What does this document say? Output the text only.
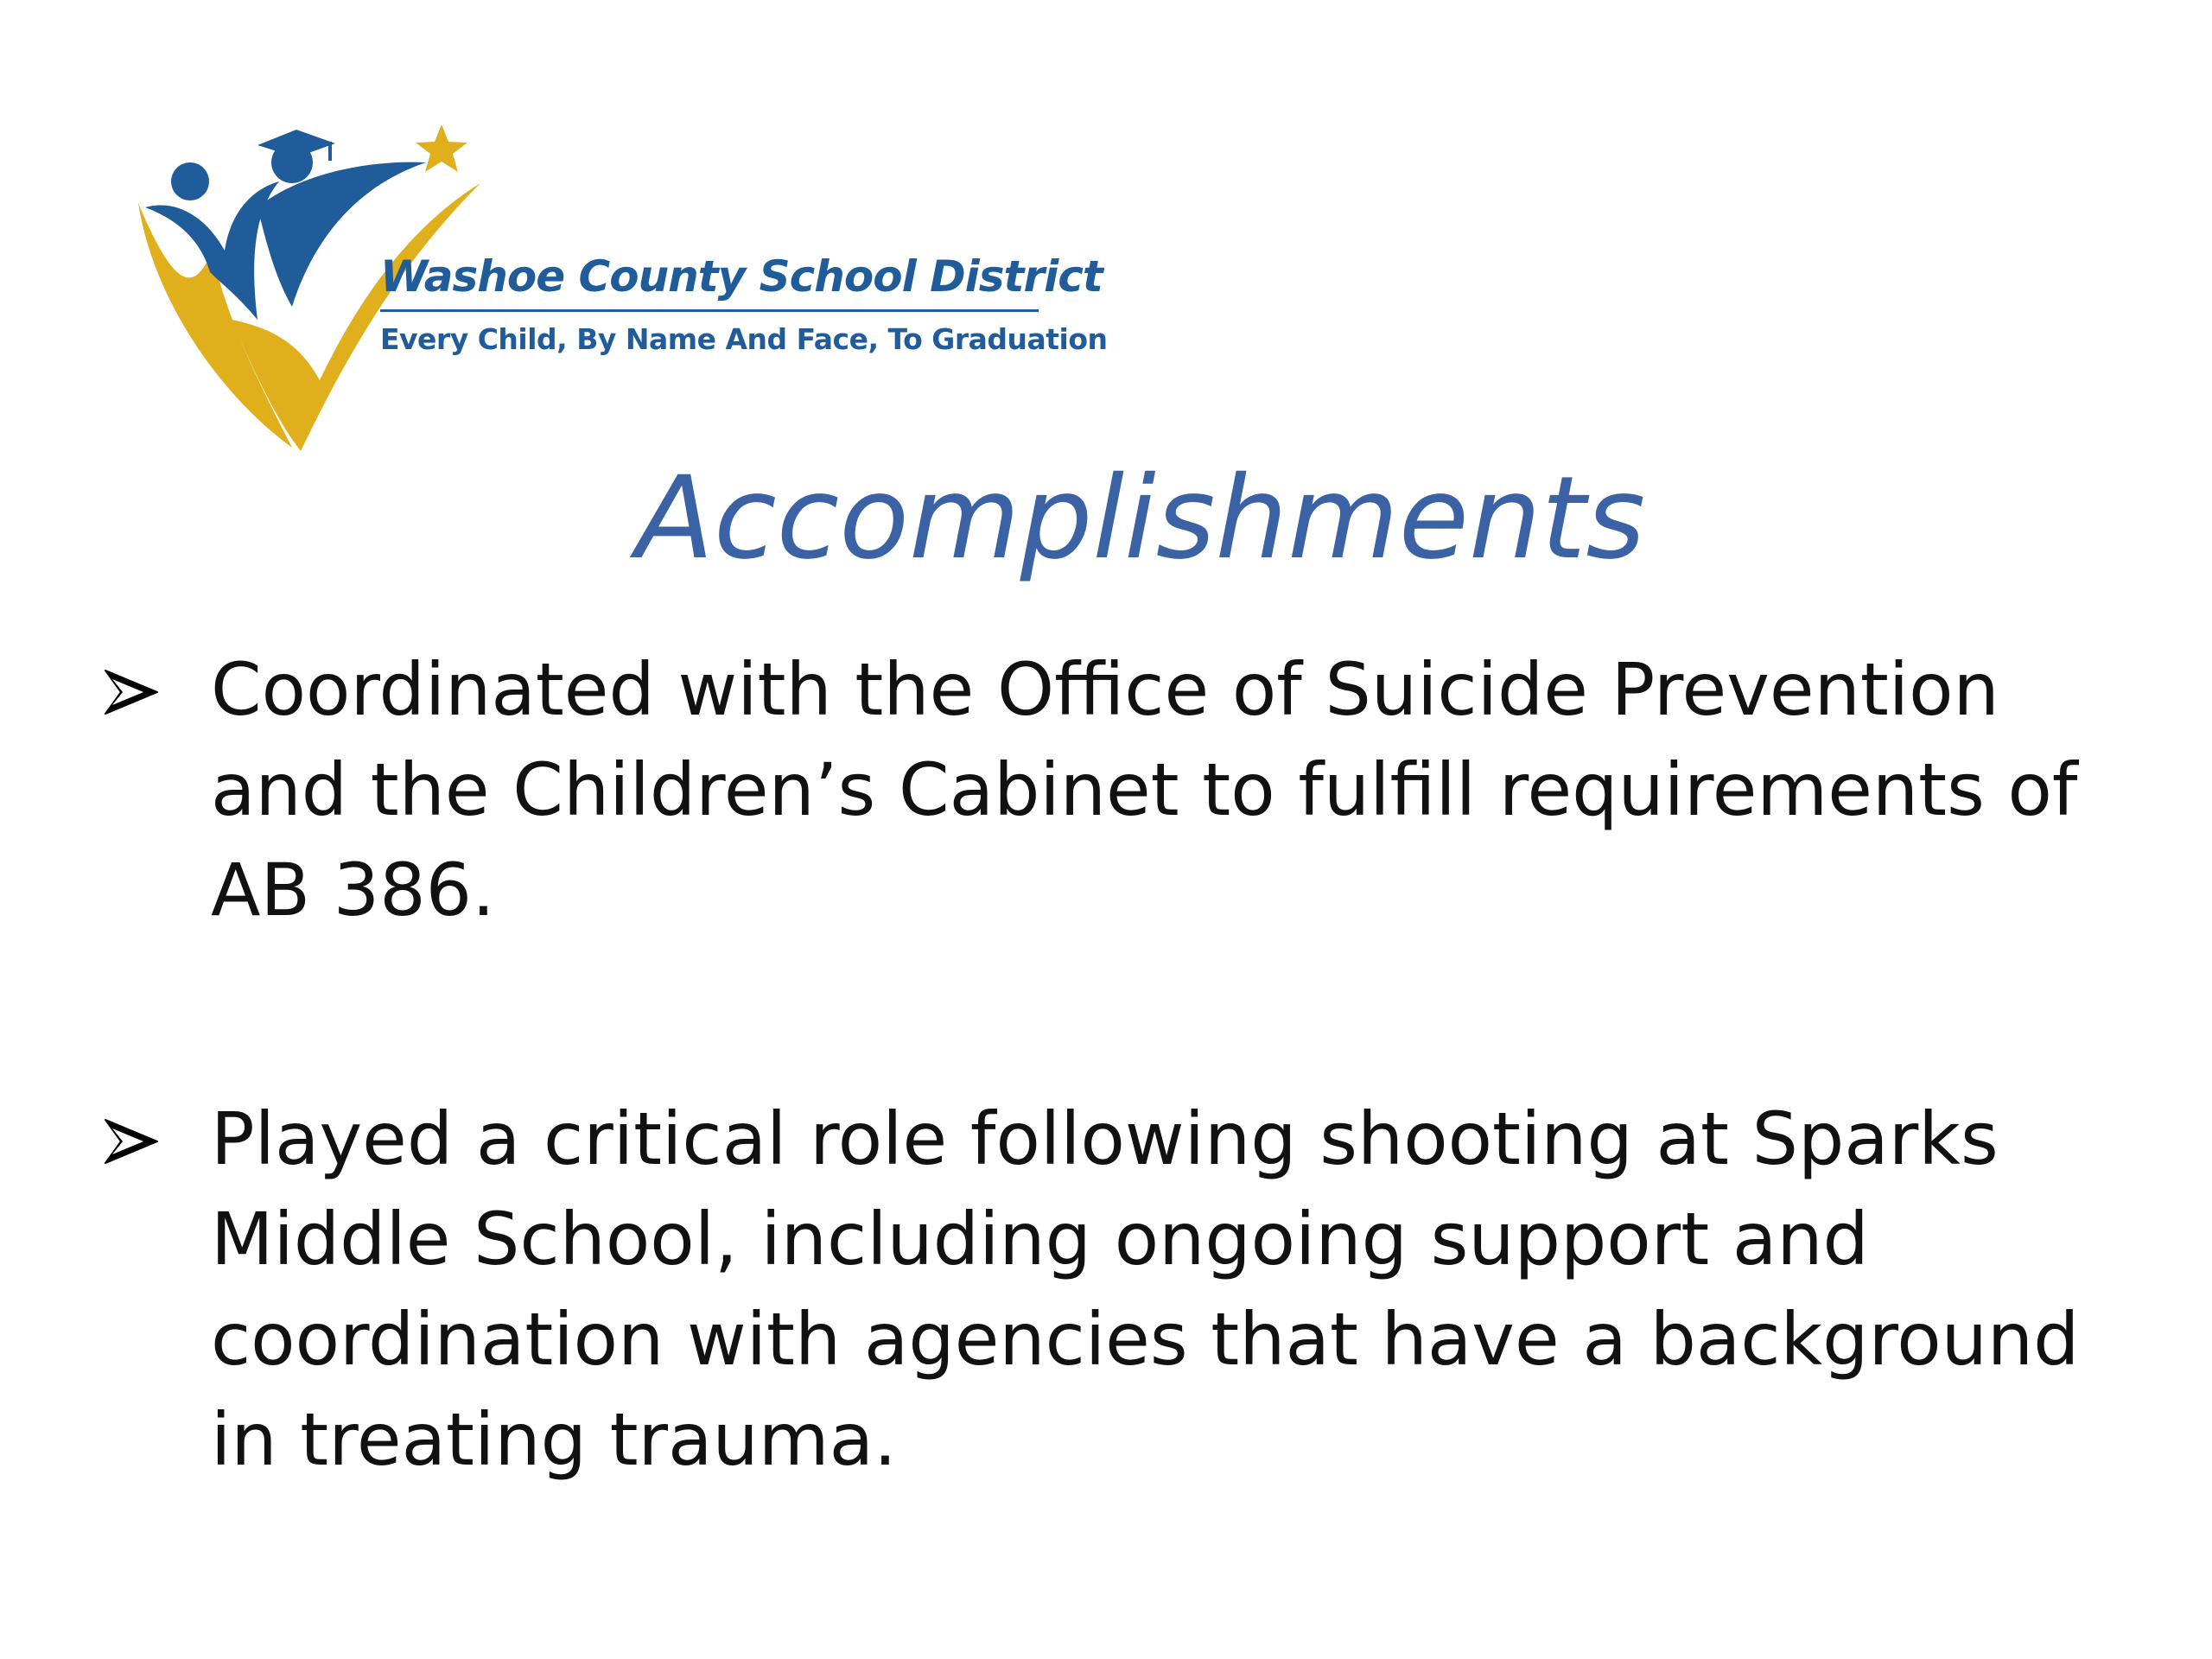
Washoe County School District
Every Child, By Name And Face, To Graduation
Accomplishments
Coordinated with the Office of Suicide Prevention and the Children’s Cabinet to fulfill requirements of AB 386.
Played a critical role following shooting at Sparks Middle School, including ongoing support and coordination with agencies that have a background in treating trauma.
